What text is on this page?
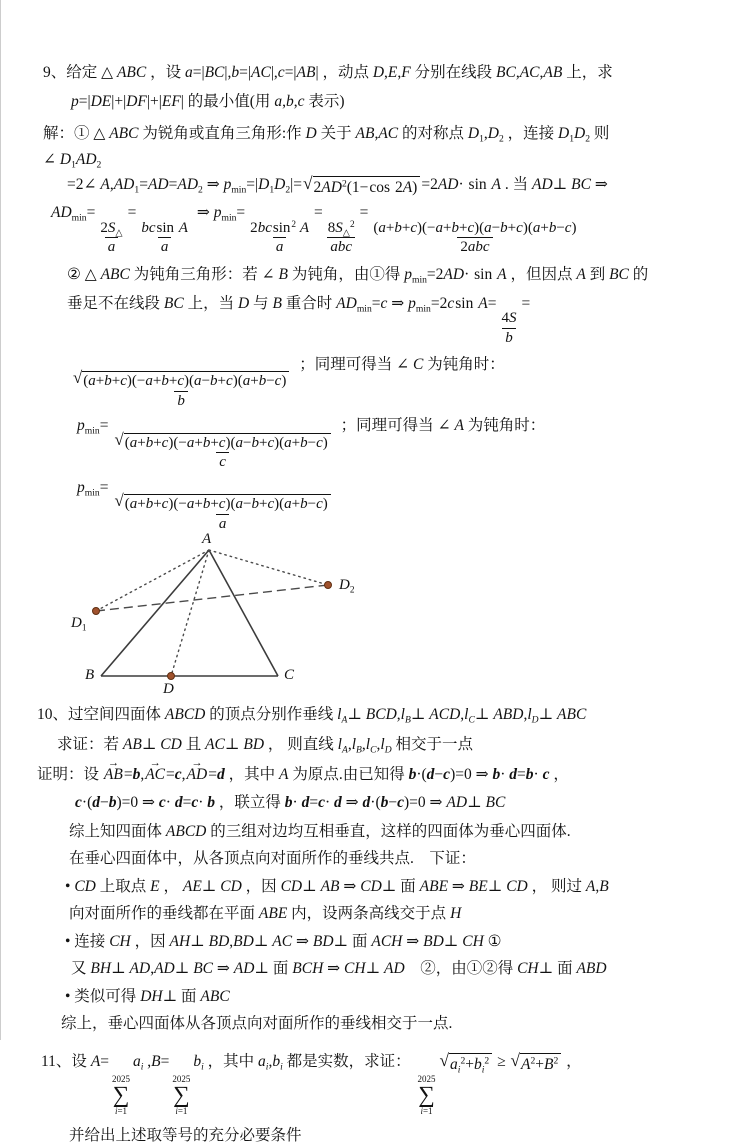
9、给定 △ ABC ，设 a=|BC|,b=|AC|,c=|AB| ，动点 D,E,F 分别在线段 BC,AC,AB 上，求
p=|DE|+|DF|+|EF| 的最小值(用 a,b,c 表示)
解：① △ ABC 为锐角或直角三角形:作 D 关于 AB,AC 的对称点 $D_1,D_2$ ，连接 $D_1D_2$ 则
∠ $D_1AD_2$
=2∠ $A,AD_1=AD=AD_2$ ⇒ $p_{min}=|D_1D_2|=$ √ $2AD^2(1-\cos$ 2A) =2AD· sin A . 当 AD⊥ BC ⇒
$AD_{min}=$
$\frac{2S_\triangle}{a}$
=
$\frac{\text{bcsin A}}{a}$
⇒ $p_{min}=$
$\frac{2bcsin^2 A}{a}$
=
$\frac{8S_\triangle^2}{\text{abc}}$
=
$\frac{(a+b+c)(-a+b+c)(a-b+c)(a+b-c)}{\text{2abc}}$
② △ ABC 为钝角三角形：若 ∠ B 为钝角，由①得 $p_{min}=2AD\cdot \sin A$ ，但因点 A 到 BC 的
垂足不在线段 BC 上，当 D 与 B 重合时 $AD_{min}=c$ ⇒ $p_{min}=2csin$ A=
$\frac{4S}{b}$
=
$\frac{√ (a+b+c)(-a+b+c)(a-b+c)(a+b-c)}{b}$
；同理可得当 ∠ C 为钝角时：
$p_{min}=$
$\frac{√ (a+b+c)(-a+b+c)(a-b+c)(a+b-c)}{c}$
；同理可得当 ∠ A 为钝角时：
$p_{min}=$
$\frac{√ (a+b+c)(-a+b+c)(a-b+c)(a+b-c)}{a}$
A
B	C
D
$D_1$
$D_2$
10、过空间四面体 ABCD 的顶点分别作垂线 $l_A\perp$ $BCD,l_B\perp$ $ACD,l_C\perp$ $ABD,l_D\perp$ ABC
求证：若 AB⊥ CD 且 AC⊥ BD ， 则直线 $l_A,l_B,l_C,l_D$ 相交于一点
证明：设 → AB=b,→ AC=c,→ AD=d ，其中 A 为原点.由已知得 b·(d−c)=0 ⇒ b· d=b· c ，
c·(d−b)=0 ⇒ c· d=c· b ，联立得 b· d=c· d ⇒ d·(b−c)=0 ⇒ AD⊥ BC
综上知四面体 ABCD 的三组对边均互相垂直，这样的四面体为垂心四面体.
在垂心四面体中，从各顶点向对面所作的垂线共点.　下证：
• CD 上取点 E ， AE⊥ CD ，因 CD⊥ AB ⇒ CD⊥ 面 ABE ⇒ BE⊥ CD ， 则过 A,B
向对面所作的垂线都在平面 ABE 内，设两条高线交于点 H
• 连接 CH ，因 AH⊥ BD,BD⊥ AC ⇒ BD⊥ 面 ACH ⇒ BD⊥ CH ①
又 BH⊥ AD,AD⊥ BC ⇒ AD⊥ 面 BCH ⇒ CH⊥ AD　②，由①②得 CH⊥ 面 ABD
• 类似可得 DH⊥ 面 ABC
综上，垂心四面体从各顶点向对面所作的垂线相交于一点.
11、设 A=
2025
∑
i=1
$a_i$ ,B=
2025
∑
i=1
$b_i$ ，其中 $a_i,b_i$ 都是实数，求证：
2025
∑
i=1
√ $a_i^2+b_i^2$ ≥ √ $A^2+B^2$ ，
并给出上述取等号的充分必要条件
